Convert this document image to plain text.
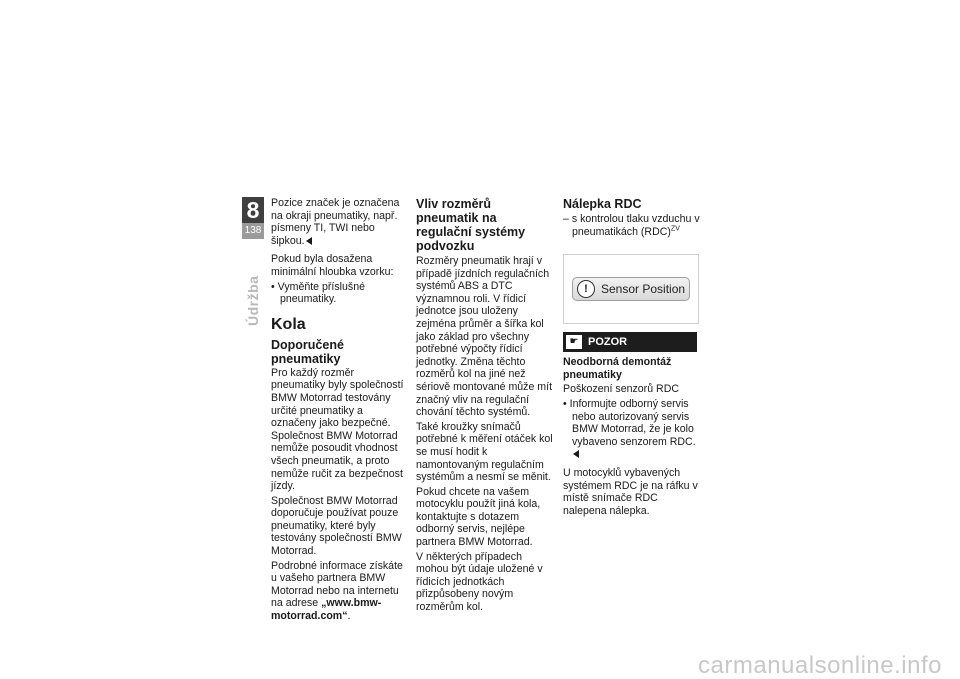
8
138
Údržba

Pozice značek je označena na okraji pneumatiky, např. písmeny TI, TWI nebo šipkou.

Pokud byla dosažena minimální hloubka vzorku:

• Vyměňte příslušné pneumatiky.

Kola
Doporučené pneumatiky

Pro každý rozměr pneumatiky byly společností BMW Motorrad testovány určité pneumatiky a označeny jako bezpečné. Společnost BMW Motorrad nemůže posoudit vhodnost všech pneumatik, a proto nemůže ručit za bezpečnost jízdy.

Společnost BMW Motorrad doporučuje používat pouze pneumatiky, které byly testovány společností BMW Motorrad.

Podrobné informace získáte u vašeho partnera BMW Motorrad nebo na internetu na adrese „www.bmw-motorrad.com“.

Vliv rozměrů pneumatik na regulační systémy podvozku

Rozměry pneumatik hrají v případě jízdních regulačních systémů ABS a DTC významnou roli. V řídicí jednotce jsou uloženy zejména průměr a šířka kol jako základ pro všechny potřebné výpočty řídicí jednotky. Změna těchto rozměrů kol na jiné než sériově montované může mít značný vliv na regulační chování těchto systémů.

Také kroužky snímačů potřebné k měření otáček kol se musí hodit k namontovaným regulačním systémům a nesmí se měnit.

Pokud chcete na vašem motocyklu použít jiná kola, kontaktujte s dotazem odborný servis, nejlépe partnera BMW Motorrad.

V některých případech mohou být údaje uložené v řídicích jednotkách přizpůsobeny novým rozměrům kol.

Nálepka RDC

– s kontrolou tlaku vzduchu v pneumatikách (RDC)$^{ZV}$

!	Sensor Position
☛ POZOR

Neodborná demontáž pneumatiky

Poškození senzorů RDC

• Informujte odborný servis nebo autorizovaný servis BMW Motorrad, že je kolo vybaveno senzorem RDC.

U motocyklů vybavených systémem RDC je na ráfku v místě snímače RDC nalepena nálepka.

carmanualsonline.info
